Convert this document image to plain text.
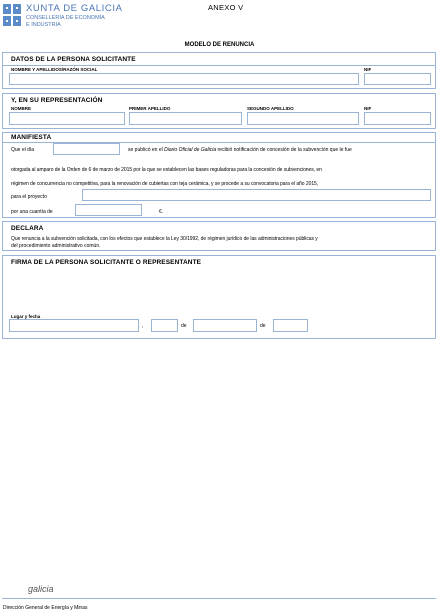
XUNTA DE GALICIA
CONSELLERÍA DE ECONOMÍA
E INDUSTRIA
ANEXO V
MODELO DE RENUNCIA
DATOS DE LA PERSONA SOLICITANTE
NOMBRE Y APELLIDOS/RAZÓN SOCIAL	NIF
Y, EN SU REPRESENTACIÓN
NOMBRE	PRIMER APELLIDO	SEGUNDO APELLIDO	NIF
MANIFIESTA
Que el día	se publicó en el Diario Oficial de Galicia recibió notificación de concesión de la subvención que le fue
otorgada al amparo de la Orden de 6 de marzo de 2015 por la que se establecen las bases reguladoras para la concesión de subvenciones, en
régimen de concurrencia no competitiva, para la renovación de cubiertas con teja cerámica, y se procede a su convocatoria para el año 2015,
para el proyecto
por una cuantía de	€.
DECLARA
Que renuncia a la subvención solicitada, con los efectos que establece la Ley 30/1992, de régimen jurídico de las administraciones públicas y
del procedimiento administrativo común.
FIRMA DE LA PERSONA SOLICITANTE O REPRESENTANTE
Lugar y fecha
,	de	de
galicia
Dirección General de Energía y Minas
